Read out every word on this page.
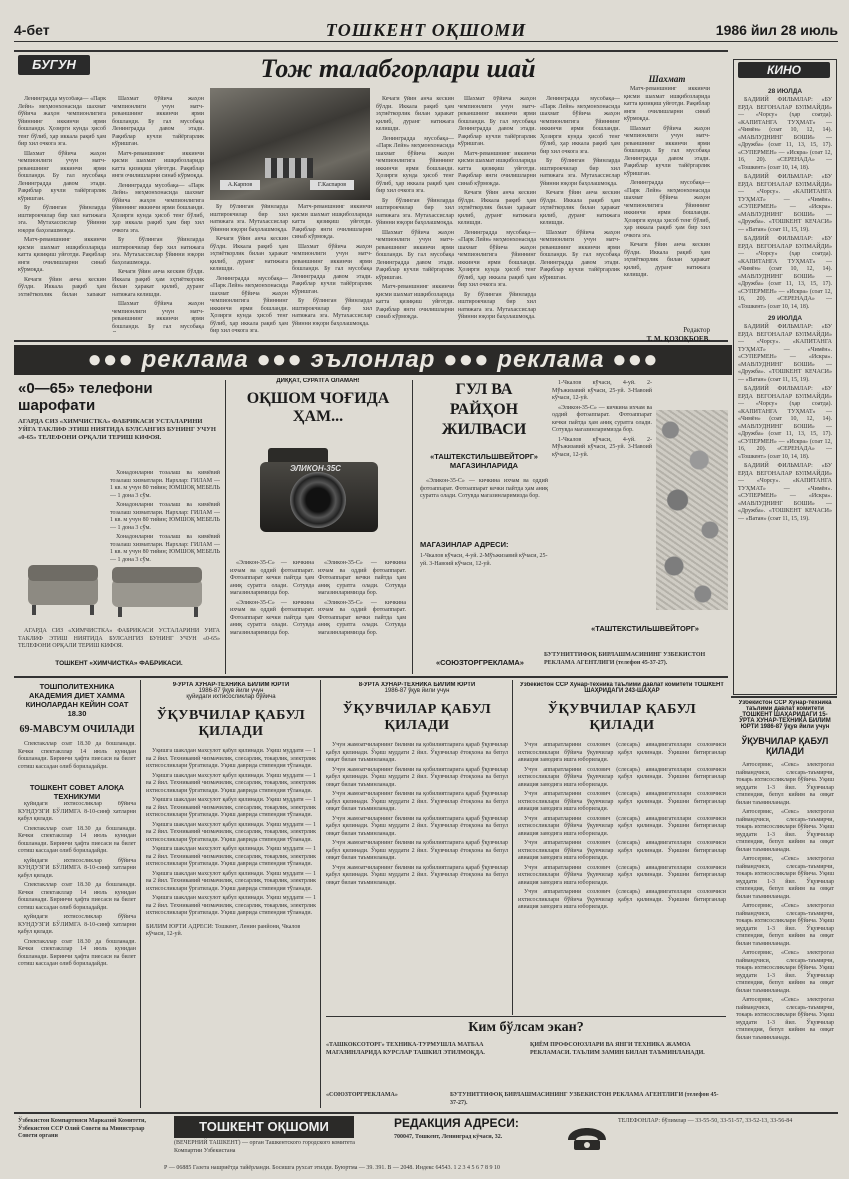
4-бет	ТОШКЕНТ ОҚШОМИ	1986 йил 28 июль
БУГУН	Тож талабгорлари шай

Ленинградда мусобақа— «Парк Лейн» меҳмонхонасида шахмат бўйича жаҳон чемпионлигига ўйиннинг иккинчи ярми бошланди. Ҳозирги кунда ҳисоб тенг бўлиб, ҳар иккала рақиб ҳам бир хил очкога эга.

Шахмат бўйича жаҳон чемпионлиги учун матч-реваншнинг иккинчи ярми бошланди. Бу гал мусобақа Ленинградда давом этади. Рақиблар кучли тайёргарлик кўришган.

Бу бўлинган ўйинларда иштирокчилар бир хил натижага эга. Мутахассислар ўйинни юқори баҳолашмоқда.

Матч-реваншнинг иккинчи қисми шахмат ишқибозларида катта қизиқиш уйғотди. Рақиблар янги очилишларни синаб кўрмоқда.

Кечаги ўйин анча кескин бўлди. Иккала рақиб ҳам эҳтиёткорлик билан ҳаракат

Шахмат бўйича жаҳон чемпионлиги учун матч-реваншнинг иккинчи ярми бошланди. Бу гал мусобақа Ленинградда давом этади. Рақиблар кучли тайёргарлик кўришган.

Матч-реваншнинг иккинчи қисми шахмат ишқибозларида катта қизиқиш уйғотди. Рақиблар янги очилишларни синаб кўрмоқда.

Ленинградда мусобақа— «Парк Лейн» меҳмонхонасида шахмат бўйича жаҳон чемпионлигига ўйиннинг иккинчи ярми бошланди. Ҳозирги кунда ҳисоб тенг бўлиб, ҳар иккала рақиб ҳам бир хил очкога эга.

Бу бўлинган ўйинларда иштирокчилар бир хил натижага эга. Мутахассислар ўйинни юқори баҳолашмоқда.

Кечаги ўйин анча кескин бўлди. Иккала рақиб ҳам эҳтиёткорлик билан ҳаракат қилиб, дуранг натижага келишди.

Шахмат бўйича жаҳон чемпионлиги учун матч-реваншнинг иккинчи ярми бошланди. Бу гал мусобақа

А.Карпов	Г.Каспаров

Бу бўлинган ўйинларда иштирокчилар бир хил натижага эга. Мутахассислар ўйинни юқори баҳолашмоқда.

Кечаги ўйин анча кескин бўлди. Иккала рақиб ҳам эҳтиёткорлик билан ҳаракат қилиб, дуранг натижага келишди.

Ленинградда мусобақа— «Парк Лейн» меҳмонхонасида шахмат бўйича жаҳон чемпионлигига ўйиннинг иккинчи ярми бошланди. Ҳозирги кунда ҳисоб тенг бўлиб, ҳар иккала рақиб ҳам бир хил очкога эга.

Матч-реваншнинг иккинчи қисми шахмат ишқибозларида катта қизиқиш уйғотди. Рақиблар янги очилишларни синаб кўрмоқда.

Шахмат бўйича жаҳон чемпионлиги учун матч-реваншнинг иккинчи ярми бошланди. Бу гал мусобақа Ленинградда давом этади. Рақиблар кучли тайёргарлик кўришган.

Бу бўлинган ўйинларда иштирокчилар бир хил натижага эга. Мутахассислар ўйинни юқори баҳолашмоқда.

Кечаги ўйин анча кескин бўлди. Иккала рақиб ҳам эҳтиёткорлик билан ҳаракат қилиб, дуранг натижага келишди.

Ленинградда мусобақа— «Парк Лейн» меҳмонхонасида шахмат бўйича жаҳон чемпионлигига ўйиннинг иккинчи ярми бошланди. Ҳозирги кунда ҳисоб тенг бўлиб, ҳар иккала рақиб ҳам бир хил очкога эга.

Бу бўлинган ўйинларда иштирокчилар бир хил натижага эга. Мутахассислар ўйинни юқори баҳолашмоқда.

Шахмат бўйича жаҳон чемпионлиги учун матч-реваншнинг иккинчи ярми бошланди. Бу гал мусобақа Ленинградда давом этади. Рақиблар кучли тайёргарлик кўришган.

Матч-реваншнинг иккинчи қисми шахмат ишқибозларида катта қизиқиш уйғотди. Рақиблар янги очилишларни синаб кўрмоқда.

Шахмат бўйича жаҳон чемпионлиги учун матч-реваншнинг иккинчи ярми бошланди. Бу гал мусобақа Ленинградда давом этади. Рақиблар кучли тайёргарлик кўришган.

Матч-реваншнинг иккинчи қисми шахмат ишқибозларида катта қизиқиш уйғотди. Рақиблар янги очилишларни синаб кўрмоқда.

Кечаги ўйин анча кескин бўлди. Иккала рақиб ҳам эҳтиёткорлик билан ҳаракат қилиб, дуранг натижага келишди.

Ленинградда мусобақа— «Парк Лейн» меҳмонхонасида шахмат бўйича жаҳон чемпионлигига ўйиннинг иккинчи ярми бошланди. Ҳозирги кунда ҳисоб тенг бўлиб, ҳар иккала рақиб ҳам бир хил очкога эга.

Бу бўлинган ўйинларда иштирокчилар бир хил натижага эга. Мутахассислар ўйинни юқори баҳолашмоқда.

Ленинградда мусобақа— «Парк Лейн» меҳмонхонасида шахмат бўйича жаҳон чемпионлигига ўйиннинг иккинчи ярми бошланди. Ҳозирги кунда ҳисоб тенг бўлиб, ҳар иккала рақиб ҳам бир хил очкога эга.

Бу бўлинган ўйинларда иштирокчилар бир хил натижага эга. Мутахассислар ўйинни юқори баҳолашмоқда.

Кечаги ўйин анча кескин бўлди. Иккала рақиб ҳам эҳтиёткорлик билан ҳаракат қилиб, дуранг натижага келишди.

Шахмат бўйича жаҳон чемпионлиги учун матч-реваншнинг иккинчи ярми бошланди. Бу гал мусобақа Ленинградда давом этади. Рақиблар кучли тайёргарлик кўришган.

Шахмат

Матч-реваншнинг иккинчи қисми шахмат ишқибозларида катта қизиқиш уйғотди. Рақиблар янги очилишларни синаб кўрмоқда.

Шахмат бўйича жаҳон чемпионлиги учун матч-реваншнинг иккинчи ярми бошланди. Бу гал мусобақа Ленинградда давом этади. Рақиблар кучли тайёргарлик кўришган.

Ленинградда мусобақа— «Парк Лейн» меҳмонхонасида шахмат бўйича жаҳон чемпионлигига ўйиннинг иккинчи ярми бошланди. Ҳозирги кунда ҳисоб тенг бўлиб, ҳар иккала рақиб ҳам бир хил очкога эга.

Кечаги ўйин анча кескин бўлди. Иккала рақиб ҳам эҳтиёткорлик билан ҳаракат қилиб, дуранг натижага келишди.

Редактор
Т. М. ҚОЗОҚБОЕВ.
КИНО
28 ИЮЛДА

БАДИИЙ ФИЛЬМЛАР: «БУ ЕРДА ВЕГОНАЛАР БУЛМАЙДИ» — «Чорсу» (ҳар соатда). «КАПИТАНГА ТУҲМАТ» — «Чимён» (соат 10, 12, 14). «МАВЛУДНИНГ БОШИ» — «Дружба» (соат 11, 13, 15, 17). «СУПЕРМЕН» — «Искра» (соат 12, 16, 20). «СЕРЕНАДА» — «Тошкент» (соат 10, 14, 18).

БАДИИЙ ФИЛЬМЛАР: «БУ ЕРДА ВЕГОНАЛАР БУЛМАЙДИ» — «Чорсу». «КАПИТАНГА ТУҲМАТ» — «Чимён». «СУПЕРМЕН» — «Искра». «МАВЛУДНИНГ БОШИ» — «Дружба». «ТОШКЕНТ КЕЧАСИ» — «Ватан» (соат 11, 15, 19).

БАДИИЙ ФИЛЬМЛАР: «БУ ЕРДА ВЕГОНАЛАР БУЛМАЙДИ» — «Чорсу» (ҳар соатда). «КАПИТАНГА ТУҲМАТ» — «Чимён» (соат 10, 12, 14). «МАВЛУДНИНГ БОШИ» — «Дружба» (соат 11, 13, 15, 17). «СУПЕРМЕН» — «Искра» (соат 12, 16, 20). «СЕРЕНАДА» — «Тошкент» (соат 10, 14, 18).

29 ИЮЛДА

БАДИИЙ ФИЛЬМЛАР: «БУ ЕРДА ВЕГОНАЛАР БУЛМАЙДИ» — «Чорсу». «КАПИТАНГА ТУҲМАТ» — «Чимён». «СУПЕРМЕН» — «Искра». «МАВЛУДНИНГ БОШИ» — «Дружба». «ТОШКЕНТ КЕЧАСИ» — «Ватан» (соат 11, 15, 19).

БАДИИЙ ФИЛЬМЛАР: «БУ ЕРДА ВЕГОНАЛАР БУЛМАЙДИ» — «Чорсу» (ҳар соатда). «КАПИТАНГА ТУҲМАТ» — «Чимён» (соат 10, 12, 14). «МАВЛУДНИНГ БОШИ» — «Дружба» (соат 11, 13, 15, 17). «СУПЕРМЕН» — «Искра» (соат 12, 16, 20). «СЕРЕНАДА» — «Тошкент» (соат 10, 14, 18).

БАДИИЙ ФИЛЬМЛАР: «БУ ЕРДА ВЕГОНАЛАР БУЛМАЙДИ» — «Чорсу». «КАПИТАНГА ТУҲМАТ» — «Чимён». «СУПЕРМЕН» — «Искра». «МАВЛУДНИНГ БОШИ» — «Дружба». «ТОШКЕНТ КЕЧАСИ» — «Ватан» (соат 11, 15, 19).

●●● реклама ●●● эълонлар ●●● реклама ●●●
«0—65» телефони шарофати
АГАРДА СИЗ «ХИМЧИСТКА» ФАБРИКАСИ УСТАЛАРИНИ УЙГА ТАКЛИФ ЭТИШ НИЯТИДА БУЛСАНГИЗ БУНИНГ УЧУН «0-65» ТЕЛЕФОНИ ОРҚАЛИ ТЕРИШ КИФОЯ.

Хонадонларни тозалаш ва кимёвий тозалаш хизматлари. Нархлар: ГИЛАМ — 1 кв. м учун 80 тийин; ЮМШОҚ МЕБЕЛЬ — 1 дона 3 сўм.

Хонадонларни тозалаш ва кимёвий тозалаш хизматлари. Нархлар: ГИЛАМ — 1 кв. м учун 80 тийин; ЮМШОҚ МЕБЕЛЬ — 1 дона 3 сўм.

Хонадонларни тозалаш ва кимёвий тозалаш хизматлари. Нархлар: ГИЛАМ — 1 кв. м учун 80 тийин; ЮМШОҚ МЕБЕЛЬ — 1 дона 3 сўм.

АГАРДА СИЗ «ХИМЧИСТКА» ФАБРИКАСИ УСТАЛАРИНИ УЙГА ТАКЛИФ ЭТИШ НИЯТИДА БУЛСАНГИЗ БУНИНГ УЧУН «0-65» ТЕЛЕФОНИ ОРҚАЛИ ТЕРИШ КИФОЯ.

ТОШКЕНТ «ХИМЧИСТКА» ФАБРИКАСИ.
ДИҚҚАТ, СУРАТГА ОЛАМАН!
ОҚШОМ ЧОҒИДА ҲАМ...
ЭЛИКОН-35С

«Эликон-35-С» — кичкина ихчам ва оддий фотоаппарат. Фотоаппарат кечки пайтда ҳам аниқ суратга олади. Сотувда магазинларимизда бор.

«Эликон-35-С» — кичкина ихчам ва оддий фотоаппарат. Фотоаппарат кечки пайтда ҳам аниқ суратга олади. Сотувда магазинларимизда бор.

«Эликон-35-С» — кичкина ихчам ва оддий фотоаппарат. Фотоаппарат кечки пайтда ҳам аниқ суратга олади. Сотувда магазинларимизда бор.

«Эликон-35-С» — кичкина ихчам ва оддий фотоаппарат. Фотоаппарат кечки пайтда ҳам аниқ суратга олади. Сотувда магазинларимизда бор.

ГУЛ ВА РАЙҲОН ЖИЛВАСИ
«ТАШТЕКСТИЛЬШВЕЙТОРГ» МАГАЗИНЛАРИДА

«Эликон-35-С» — кичкина ихчам ва оддий фотоаппарат. Фотоаппарат кечки пайтда ҳам аниқ суратга олади. Сотувда магазинларимизда бор.

МАГАЗИНЛАР АДРЕСИ:
1-Чкалов кўчаси, 4-уй. 2-Мўъжизавий кўчаси, 25-уй. 3-Навоий кўчаси, 12-уй.

1-Чкалов кўчаси, 4-уй. 2-Мўъжизавий кўчаси, 25-уй. 3-Навоий кўчаси, 12-уй.

«Эликон-35-С» — кичкина ихчам ва оддий фотоаппарат. Фотоаппарат кечки пайтда ҳам аниқ суратга олади. Сотувда магазинларимизда бор.

1-Чкалов кўчаси, 4-уй. 2-Мўъжизавий кўчаси, 25-уй. 3-Навоий кўчаси, 12-уй.

«ТАШТЕКСТИЛЬШВЕЙТОРГ»
«СОЮЗТОРГРЕКЛАМА» БУТУНИТТИФОҚ БИРЛАШМАСИНИНГ УЗБЕКИСТОН РЕКЛАМА АГЕНТЛИГИ (телефон 45-37-27).
ТОШПОЛИТЕХНИКА АКАДЕМИЯ ДИЕТ ХАММА КИНОЛАРДАН КЕЙИН СОАТ 18.30
69-МАВСУМ ОЧИЛАДИ

Спектакллар соат 18.30 да бошланади. Кечки спектакллар 14 июль кунидан бошланади. Биринчи ҳафта пиесаси ва билет сотиш кассадан олиб бориладайди.

ТОШКЕНТ СОВЕТ АЛОҚА ТЕХНИКУМИ

қуйидаги ихтисосликлар бўйича КУНДУЗГИ БЎЛИМГА 8-10-синф хатларни қабул қилади.

Спектакллар соат 18.30 да бошланади. Кечки спектакллар 14 июль кунидан бошланади. Биринчи ҳафта пиесаси ва билет сотиш кассадан олиб бориладайди.

қуйидаги ихтисосликлар бўйича КУНДУЗГИ БЎЛИМГА 8-10-синф хатларни қабул қилади.

Спектакллар соат 18.30 да бошланади. Кечки спектакллар 14 июль кунидан бошланади. Биринчи ҳафта пиесаси ва билет сотиш кассадан олиб бориладайди.

қуйидаги ихтисосликлар бўйича КУНДУЗГИ БЎЛИМГА 8-10-синф хатларни қабул қилади.

Спектакллар соат 18.30 да бошланади. Кечки спектакллар 14 июль кунидан бошланади. Биринчи ҳафта пиесаси ва билет сотиш кассадан олиб бориладайди.

9-ЎРТА ХУНАР-ТЕХНИКА БИЛИМ ЮРТИ
1986-87 ўқув йили учун
қуйидаги ихтисосликлар бўйича
ЎҚУВЧИЛАР ҚАБУЛ ҚИЛАДИ

Уқишга шаклдан махсулот қабул қилинади. Уқиш муддати — 1 ва 2 йил. Техникавий чизмачилик, слесарлик, токарлик, электрлик ихтисосликлари ўргатилади. Уқиш даврида стипендия тўланади.

Уқишга шаклдан махсулот қабул қилинади. Уқиш муддати — 1 ва 2 йил. Техникавий чизмачилик, слесарлик, токарлик, электрлик ихтисосликлари ўргатилади. Уқиш даврида стипендия тўланади.

Уқишга шаклдан махсулот қабул қилинади. Уқиш муддати — 1 ва 2 йил. Техникавий чизмачилик, слесарлик, токарлик, электрлик ихтисосликлари ўргатилади. Уқиш даврида стипендия тўланади.

Уқишга шаклдан махсулот қабул қилинади. Уқиш муддати — 1 ва 2 йил. Техникавий чизмачилик, слесарлик, токарлик, электрлик ихтисосликлари ўргатилади. Уқиш даврида стипендия тўланади.

Уқишга шаклдан махсулот қабул қилинади. Уқиш муддати — 1 ва 2 йил. Техникавий чизмачилик, слесарлик, токарлик, электрлик ихтисосликлари ўргатилади. Уқиш даврида стипендия тўланади.

Уқишга шаклдан махсулот қабул қилинади. Уқиш муддати — 1 ва 2 йил. Техникавий чизмачилик, слесарлик, токарлик, электрлик ихтисосликлари ўргатилади. Уқиш даврида стипендия тўланади.

Уқишга шаклдан махсулот қабул қилинади. Уқиш муддати — 1 ва 2 йил. Техникавий чизмачилик, слесарлик, токарлик, электрлик ихтисосликлари ўргатилади. Уқиш даврида стипендия тўланади.

БИЛИМ ЮРТИ АДРЕСИ: Тошкент, Ленин ранйони, Чкалов кўчаси, 12-уй.
8-ЎРТА ХУНАР-ТЕХНИКА БИЛИМ ЮРТИ
1986-87 ўқув йили учун
ЎҚУВЧИЛАР ҚАБУЛ ҚИЛАДИ

Учун жамоатчиларнинг билими ва қобилиятларига қараб ўқувчилар қабул қилинади. Ўқиш муддати 2 йил. Ўқувчилар ётоқхона ва бепул овқат билан таъминланади.

Учун жамоатчиларнинг билими ва қобилиятларига қараб ўқувчилар қабул қилинади. Ўқиш муддати 2 йил. Ўқувчилар ётоқхона ва бепул овқат билан таъминланади.

Учун жамоатчиларнинг билими ва қобилиятларига қараб ўқувчилар қабул қилинади. Ўқиш муддати 2 йил. Ўқувчилар ётоқхона ва бепул овқат билан таъминланади.

Учун жамоатчиларнинг билими ва қобилиятларига қараб ўқувчилар қабул қилинади. Ўқиш муддати 2 йил. Ўқувчилар ётоқхона ва бепул овқат билан таъминланади.

Учун жамоатчиларнинг билими ва қобилиятларига қараб ўқувчилар қабул қилинади. Ўқиш муддати 2 йил. Ўқувчилар ётоқхона ва бепул овқат билан таъминланади.

Учун жамоатчиларнинг билими ва қобилиятларига қараб ўқувчилар қабул қилинади. Ўқиш муддати 2 йил. Ўқувчилар ётоқхона ва бепул овқат билан таъминланади.

Ўзбекистон ССР Хунар-техника таълими давлат комитети ТОШКЕНТ ШАҲРИДАГИ 243-ШАҲАР
ЎҚУВЧИЛАР ҚАБУЛ ҚИЛАДИ

Учун аппаратларини созлович (слесарь) авиадвигателлари созловчиси ихтисосликлари бўйича ўқувчилар қабул қилинади. Ўқишни битирганлар авиация заводига ишга юборилади.

Учун аппаратларини созлович (слесарь) авиадвигателлари созловчиси ихтисосликлари бўйича ўқувчилар қабул қилинади. Ўқишни битирганлар авиация заводига ишга юборилади.

Учун аппаратларини созлович (слесарь) авиадвигателлари созловчиси ихтисосликлари бўйича ўқувчилар қабул қилинади. Ўқишни битирганлар авиация заводига ишга юборилади.

Учун аппаратларини созлович (слесарь) авиадвигателлари созловчиси ихтисосликлари бўйича ўқувчилар қабул қилинади. Ўқишни битирганлар авиация заводига ишга юборилади.

Учун аппаратларини созлович (слесарь) авиадвигателлари созловчиси ихтисосликлари бўйича ўқувчилар қабул қилинади. Ўқишни битирганлар авиация заводига ишга юборилади.

Учун аппаратларини созлович (слесарь) авиадвигателлари созловчиси ихтисосликлари бўйича ўқувчилар қабул қилинади. Ўқишни битирганлар авиация заводига ишга юборилади.

Учун аппаратларини созлович (слесарь) авиадвигателлари созловчиси ихтисосликлари бўйича ўқувчилар қабул қилинади. Ўқишни битирганлар авиация заводига ишга юборилади.

Ким бўлсам экан?
«ТАШКОКСОТОРГ» ТЕХНИКА-ТУРМУШЛА МАТБАА МАГАЗИНЛАРИДА КУРСЛАР ТАШКИЛ ЭТИЛМОҚДА.
ҚИЁМ ПРОФСОЮЗЛАРИ ВА ЯНГИ ТЕХНИКА ЖАМОА РЕКЛАМАСИ. ТАЪЛИМ ЗАМИН БИЛАН ТАЪМИНЛАНАДИ.
«СОЮЗТОРГРЕКЛАМА»	БУТУНИТТИФОҚ БИРЛАШМАСИНИНГ УЗБЕКИСТОН РЕКЛАМА АГЕНТЛИГИ (телефон 45-37-27).
Ўзбекистон ССР Хунар-техника таълими давлат комитети ТОШКЕНТ ШАҲАРИДАГИ 15-ЎРТА ХУНАР-ТЕХНИКА БИЛИМ ЮРТИ 1986-87 ўқув йили учун
ЎҚУВЧИЛАР ҚАБУЛ ҚИЛАДИ

Автосервис, «Секс» электрогаз пайвандчиси, слесарь-таъмирчи, токарь ихтисосликлари бўйича. Уқиш муддати 1-3 йил. Ўқувчилар стипендия, бепул кийим ва овқат билан таъминланади.

Автосервис, «Секс» электрогаз пайвандчиси, слесарь-таъмирчи, токарь ихтисосликлари бўйича. Уқиш муддати 1-3 йил. Ўқувчилар стипендия, бепул кийим ва овқат билан таъминланади.

Автосервис, «Секс» электрогаз пайвандчиси, слесарь-таъмирчи, токарь ихтисосликлари бўйича. Уқиш муддати 1-3 йил. Ўқувчилар стипендия, бепул кийим ва овқат билан таъминланади.

Автосервис, «Секс» электрогаз пайвандчиси, слесарь-таъмирчи, токарь ихтисосликлари бўйича. Уқиш муддати 1-3 йил. Ўқувчилар стипендия, бепул кийим ва овқат билан таъминланади.

Автосервис, «Секс» электрогаз пайвандчиси, слесарь-таъмирчи, токарь ихтисосликлари бўйича. Уқиш муддати 1-3 йил. Ўқувчилар стипендия, бепул кийим ва овқат билан таъминланади.

Автосервис, «Секс» электрогаз пайвандчиси, слесарь-таъмирчи, токарь ихтисосликлари бўйича. Уқиш муддати 1-3 йил. Ўқувчилар стипендия, бепул кийим ва овқат билан таъминланади.

Ўзбекистон Компартияси Марказий Комитети, Ўзбекистон ССР Олий Совети ва Министрлар Совети органи
ТОШКЕНТ ОҚШОМИ
(ВЕЧЕРНИЙ ТАШКЕНТ) — орган Ташкентского городского комитета Компартии Узбекистана
РЕДАКЦИЯ АДРЕСИ:
700047, Тошкент, Ленинград кўчаси, 32.
ТЕЛЕФОНЛАР: бўлимлар — 33-55-50, 33-51-57, 33-52-13, 33-56-84
Р — 06885 Газета нашриётда тайёрланди. Босишга рухсат этилди. Буюртма — 39. 391. В — 2048. Индекс 64543. 1 2 3 4 5 6 7 8 9 10
